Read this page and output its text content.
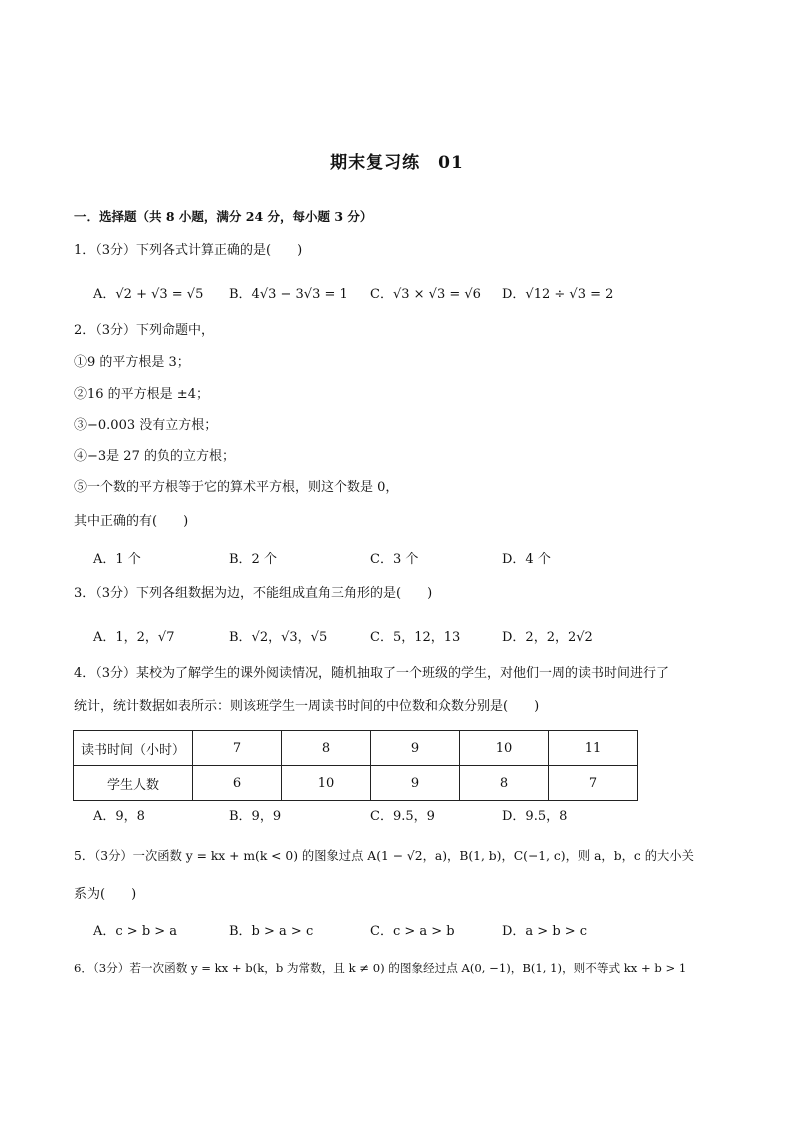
期末复习练　01
一．选择题（共 8 小题，满分 24 分，每小题 3 分）
1．（3分）下列各式计算正确的是(　　)
A．√2 + √3 = √5 B．4√3 − 3√3 = 1 C．√3 × √3 = √6 D．√12 ÷ √3 = 2
2．（3分）下列命题中，
①9 的平方根是 3；
②16 的平方根是 ±4；
③−0.003 没有立方根；
④−3是 27 的负的立方根；
⑤一个数的平方根等于它的算术平方根，则这个数是 0，
其中正确的有(　　)
A．1 个	B．2 个	C．3 个	D．4 个
3．（3分）下列各组数据为边，不能组成直角三角形的是(　　)
A．1，2，√7	B．√2，√3，√5	C．5，12，13	D．2，2，2√2
4．（3分）某校为了解学生的课外阅读情况，随机抽取了一个班级的学生，对他们一周的读书时间进行了
统计，统计数据如表所示：则该班学生一周读书时间的中位数和众数分别是(　　)
读书时间（小时）	7	8	9	10	11
学生人数	6	10	9	8	7
A．9，8	B．9，9	C．9.5，9	D．9.5，8
5．（3分）一次函数 y = kx + m(k < 0) 的图象过点 A(1 − √2，a)，B(1, b)，C(−1, c)，则 a，b，c 的大小关
系为(　　)
A．c > b > a	B．b > a > c	C．c > a > b	D．a > b > c
6．（3分）若一次函数 y = kx + b(k，b 为常数，且 k ≠ 0) 的图象经过点 A(0, −1)，B(1, 1)，则不等式 kx + b > 1
